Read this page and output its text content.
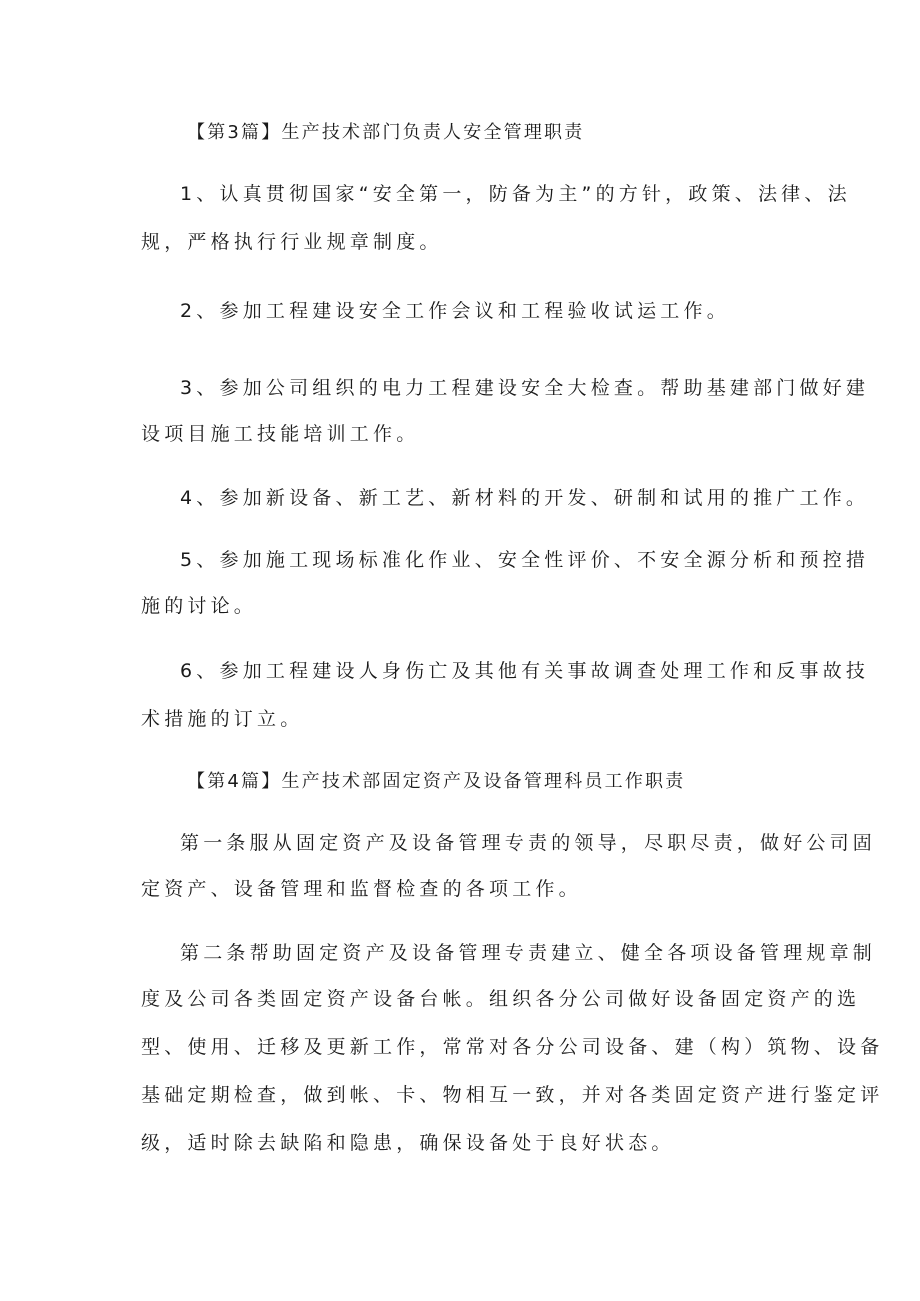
【第3篇】生产技术部门负责人安全管理职责

1、认真贯彻国家“安全第一，防备为主”的方针，政策、法律、法

规，严格执行行业规章制度。

2、参加工程建设安全工作会议和工程验收试运工作。

3、参加公司组织的电力工程建设安全大检查。帮助基建部门做好建

设项目施工技能培训工作。

4、参加新设备、新工艺、新材料的开发、研制和试用的推广工作。

5、参加施工现场标准化作业、安全性评价、不安全源分析和预控措

施的讨论。

6、参加工程建设人身伤亡及其他有关事故调查处理工作和反事故技

术措施的订立。

【第4篇】生产技术部固定资产及设备管理科员工作职责

第一条服从固定资产及设备管理专责的领导，尽职尽责，做好公司固

定资产、设备管理和监督检查的各项工作。

第二条帮助固定资产及设备管理专责建立、健全各项设备管理规章制

度及公司各类固定资产设备台帐。组织各分公司做好设备固定资产的选

型、使用、迁移及更新工作，常常对各分公司设备、建（构）筑物、设备

基础定期检查，做到帐、卡、物相互一致，并对各类固定资产进行鉴定评

级，适时除去缺陷和隐患，确保设备处于良好状态。
